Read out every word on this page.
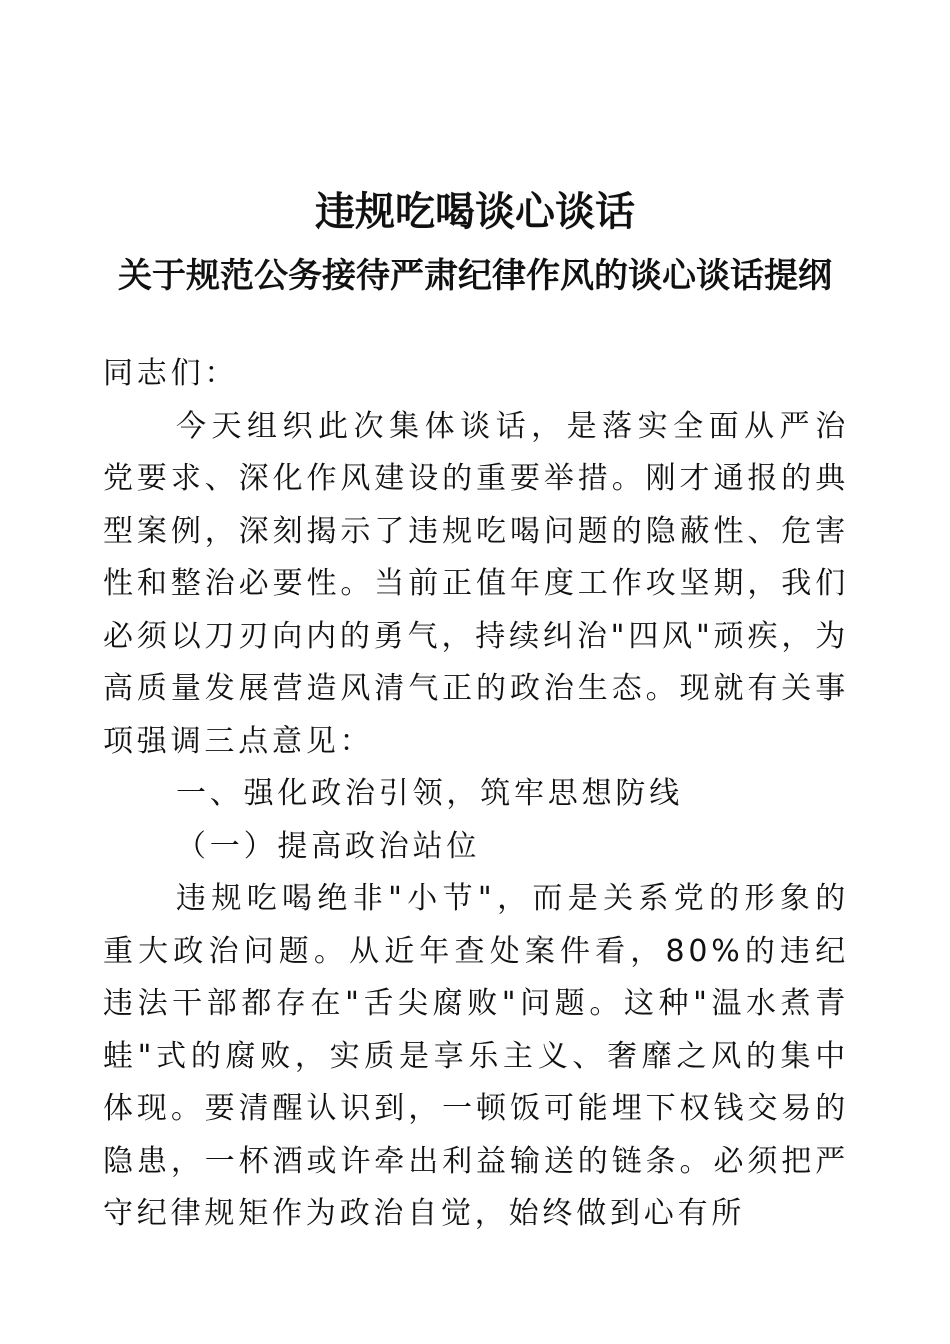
违规吃喝谈心谈话
关于规范公务接待严肃纪律作风的谈心谈话提纲

同志们：

今天组织此次集体谈话，是落实全面从严治党要求、深化作风建设的重要举措。刚才通报的典型案例，深刻揭示了违规吃喝问题的隐蔽性、危害性和整治必要性。当前正值年度工作攻坚期，我们必须以刀刃向内的勇气，持续纠治"四风"顽疾，为高质量发展营造风清气正的政治生态。现就有关事项强调三点意见：

一、强化政治引领，筑牢思想防线

（一）提高政治站位

违规吃喝绝非"小节"，而是关系党的形象的重大政治问题。从近年查处案件看，80%的违纪违法干部都存在"舌尖腐败"问题。这种"温水煮青蛙"式的腐败，实质是享乐主义、奢靡之风的集中体现。要清醒认识到，一顿饭可能埋下权钱交易的隐患，一杯酒或许牵出利益输送的链条。必须把严守纪律规矩作为政治自觉，始终做到心有所
